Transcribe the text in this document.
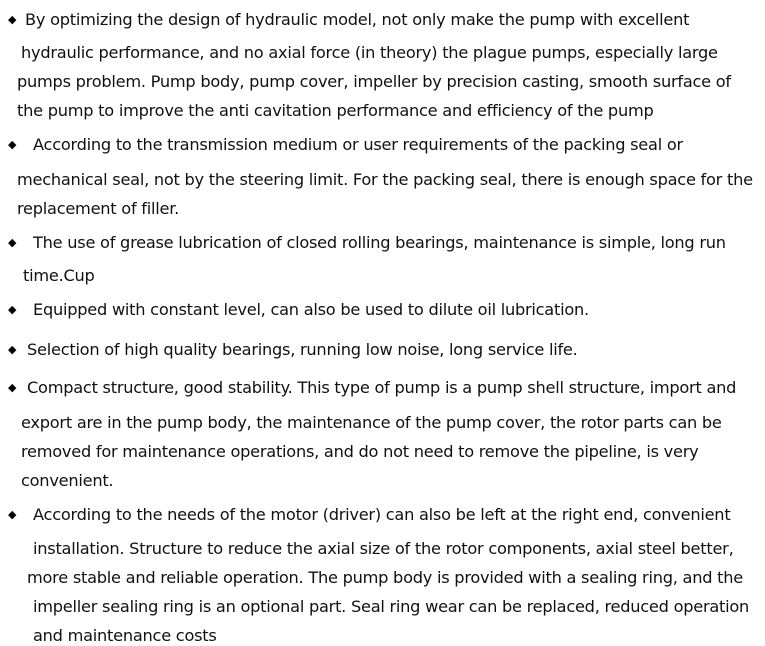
◆ By optimizing the design of hydraulic model, not only make the pump with excellent
hydraulic performance, and no axial force (in theory) the plague pumps, especially large
pumps problem. Pump body, pump cover, impeller by precision casting, smooth surface of
the pump to improve the anti cavitation performance and efficiency of the pump
◆ According to the transmission medium or user requirements of the packing seal or
mechanical seal, not by the steering limit. For the packing seal, there is enough space for the
replacement of filler.
◆ The use of grease lubrication of closed rolling bearings, maintenance is simple, long run
time.Cup
◆ Equipped with constant level, can also be used to dilute oil lubrication.
◆ Selection of high quality bearings, running low noise, long service life.
◆ Compact structure, good stability. This type of pump is a pump shell structure, import and
export are in the pump body, the maintenance of the pump cover, the rotor parts can be
removed for maintenance operations, and do not need to remove the pipeline, is very
convenient.
◆ According to the needs of the motor (driver) can also be left at the right end, convenient
installation. Structure to reduce the axial size of the rotor components, axial steel better,
more stable and reliable operation. The pump body is provided with a sealing ring, and the
impeller sealing ring is an optional part. Seal ring wear can be replaced, reduced operation
and maintenance costs
